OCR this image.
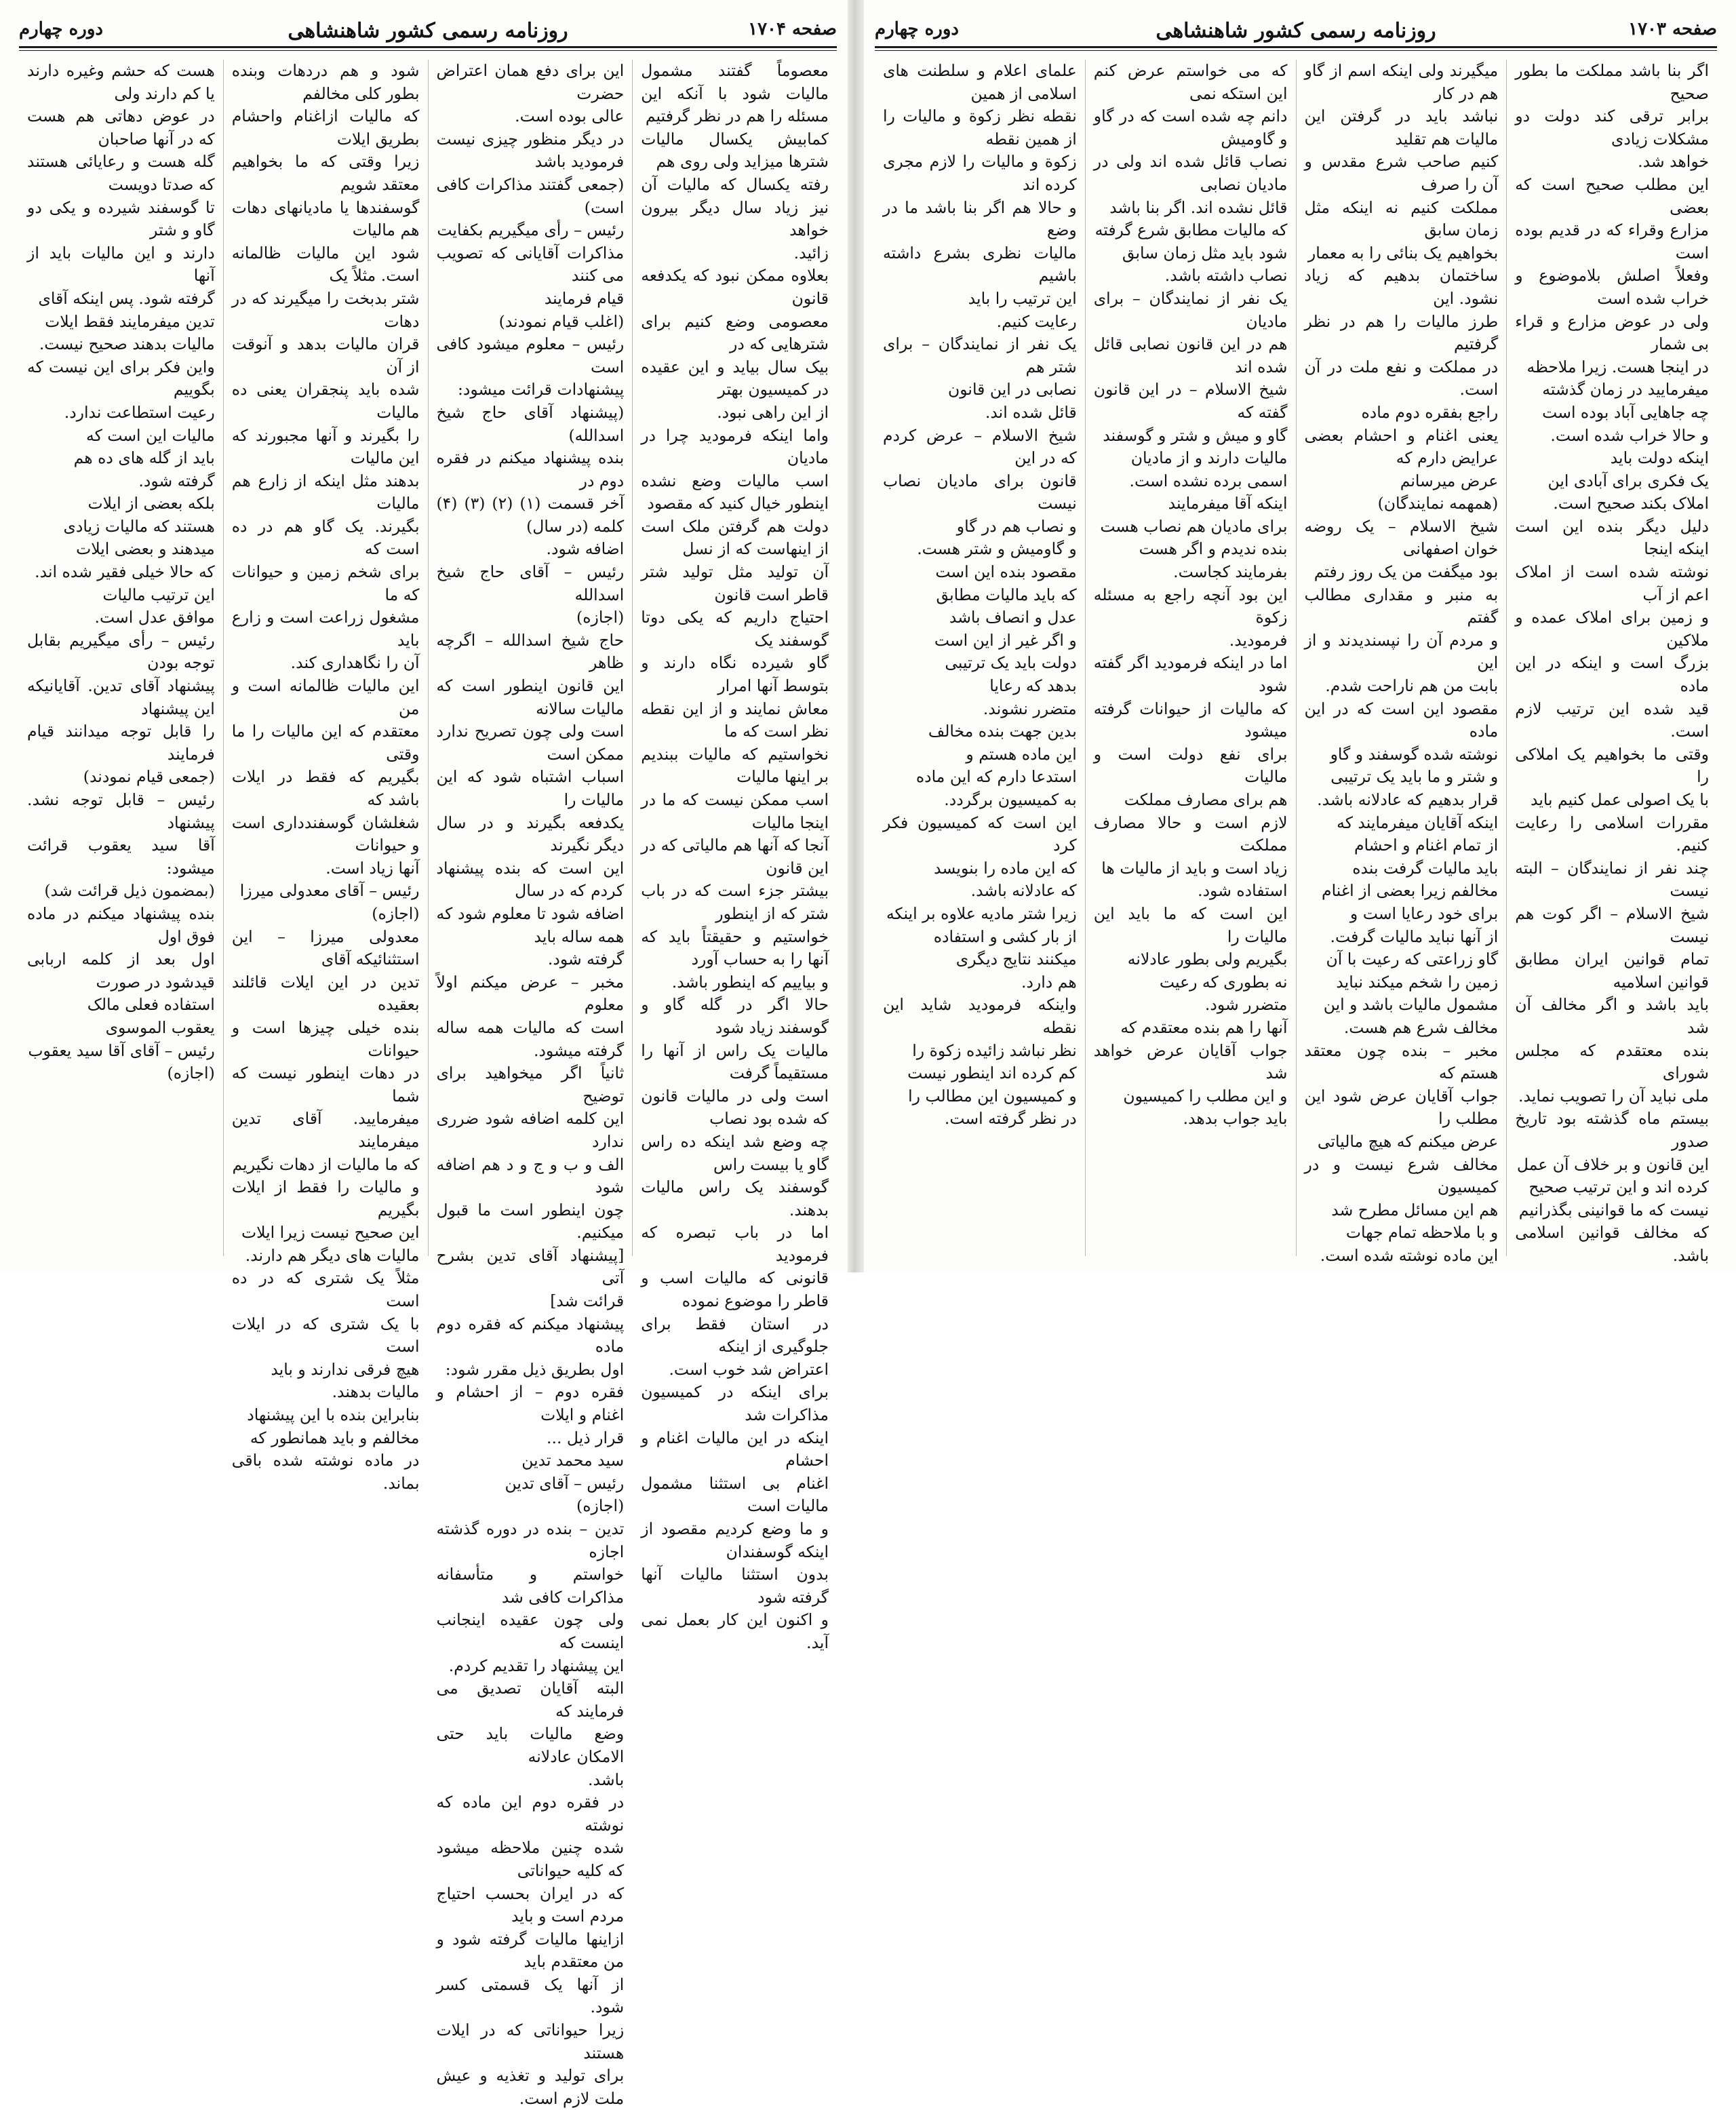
صفحه ۱۷۰۴
روزنامه رسمی کشور شاهنشاهی
دوره چهارم

معصوماً گفتند مشمول مالیات شود با آنکه این مسئله را هم در نظر گرفتیم
کمابیش یکسال مالیات شترها میزاید ولی روی هم
رفته یکسال که مالیات آن نیز زیاد سال دیگر بیرون خواهد
زائید.
بعلاوه ممکن نبود که یکدفعه قانون
معصومی وضع کنیم برای شترهایی که در
بیک سال بیاید و این عقیده در کمیسیون بهتر
از این راهی نبود.
واما اینکه فرمودید چرا در مادیان
اسب مالیات وضع نشده اینطور خیال کنید که مقصود
دولت هم گرفتن ملک است از اینهاست که از نسل
آن تولید مثل تولید شتر قاطر است قانون
احتیاج داریم که یکی دوتا گوسفند یک
گاو شیرده نگاه دارند و بتوسط آنها امرار
معاش نمایند و از این نقطه نظر است که ما
نخواستیم که مالیات ببندیم بر اینها مالیات
اسب ممکن نیست که ما در اینجا مالیات
آنجا که آنها هم مالیاتی که در این قانون
بیشتر جزء است که در باب شتر که از اینطور
خواستیم و حقیقتاً باید که آنها را به حساب آورد
و بیاییم که اینطور باشد.
حالا اگر در گله گاو و گوسفند زیاد شود
مالیات یک راس از آنها را مستقیماً گرفت
است ولی در مالیات قانون که شده بود نصاب
چه وضع شد اینکه ده راس گاو یا بیست راس
گوسفند یک راس مالیات بدهند.
اما در باب تبصره که فرمودید
قانونی که مالیات اسب و قاطر را موضوع نموده
در استان فقط برای جلوگیری از اینکه
اعتراض شد خوب است.
برای اینکه در کمیسیون مذاکرات شد
اینکه در این مالیات اغنام و احشام
اغنام بی استثنا مشمول مالیات است
و ما وضع کردیم مقصود از اینکه گوسفندان
بدون استثنا مالیات آنها گرفته شود
و اکنون این کار بعمل نمی آید.

این برای دفع همان اعتراض حضرت
عالی بوده است.
در دیگر منظور چیزی نیست فرمودید باشد
(جمعی گفتند مذاکرات کافی است)
رئیس – رأی میگیریم بکفایت
مذاکرات آقایانی که تصویب می کنند
قیام فرمایند
(اغلب قیام نمودند)
رئیس – معلوم میشود کافی است
پیشنهادات قرائت میشود:
(پیشنهاد آقای حاج شیخ اسدالله)
بنده پیشنهاد میکنم در فقره دوم در
آخر قسمت (۱) (۲) (۳) (۴) کلمه (در سال)
اضافه شود.
رئیس – آقای حاج شیخ اسدالله
(اجازه)
حاج شیخ اسدالله – اگرچه ظاهر
این قانون اینطور است که مالیات سالانه
است ولی چون تصریح ندارد ممکن است
اسباب اشتباه شود که این مالیات را
یکدفعه بگیرند و در سال دیگر نگیرند
این است که بنده پیشنهاد کردم که در سال
اضافه شود تا معلوم شود که همه ساله باید
گرفته شود.
مخبر – عرض میکنم اولاً معلوم
است که مالیات همه ساله گرفته میشود.
ثانیاً اگر میخواهید برای توضیح
این کلمه اضافه شود ضرری ندارد
الف و ب و ج و د هم اضافه شود
چون اینطور است ما قبول میکنیم.
[پیشنهاد آقای تدین بشرح آتی
قرائت شد]
پیشنهاد میکنم که فقره دوم ماده
اول بطریق ذیل مقرر شود:
فقره دوم – از احشام و اغنام و ایلات
قرار ذیل ...
سید محمد تدین
رئیس – آقای تدین
(اجازه)
تدین – بنده در دوره گذشته اجازه
خواستم و متأسفانه مذاکرات کافی شد
ولی چون عقیده اینجانب اینست که
این پیشنهاد را تقدیم کردم.
البته آقایان تصدیق می فرمایند که
وضع مالیات باید حتی الامکان عادلانه
باشد.
در فقره دوم این ماده که نوشته
شده چنین ملاحظه میشود که کلیه حیواناتی
که در ایران بحسب احتیاج مردم است و باید
ازاینها مالیات گرفته شود و من معتقدم باید
از آنها یک قسمتی کسر شود.
زیرا حیواناتی که در ایلات هستند
برای تولید و تغذیه و عیش ملت لازم است.

شود و هم دردهات وبنده بطور کلی مخالفم
که مالیات ازاغنام واحشام بطریق ایلات
زیرا وقتی که ما بخواهیم معتقد شویم
گوسفندها یا مادیانهای دهات هم مالیات
شود این مالیات ظالمانه است. مثلاً یک
شتر بدبخت را میگیرند که در دهات
قران مالیات بدهد و آنوقت از آن
شده باید پنجقران یعنی ده مالیات
را بگیرند و آنها مجبورند که این مالیات
بدهند مثل اینکه از زارع هم مالیات
بگیرند. یک گاو هم در ده است که
برای شخم زمین و حیوانات که ما
مشغول زراعت است و زارع باید
آن را نگاهداری کند.
این مالیات ظالمانه است و من
معتقدم که این مالیات را ما وقتی
بگیریم که فقط در ایلات باشد که
شغلشان گوسفندداری است و حیوانات
آنها زیاد است.
رئیس – آقای معدولی میرزا
(اجازه)
معدولی میرزا – این استثنائیکه آقای
تدین در این ایلات قائلند بعقیده
بنده خیلی چیزها است و حیوانات
در دهات اینطور نیست که شما
میفرمایید. آقای تدین میفرمایند
که ما مالیات از دهات نگیریم
و مالیات را فقط از ایلات بگیریم
این صحیح نیست زیرا ایلات
مالیات های دیگر هم دارند.
مثلاً یک شتری که در ده است
با یک شتری که در ایلات است
هیچ فرقی ندارند و باید
مالیات بدهند.
بنابراین بنده با این پیشنهاد
مخالفم و باید همانطور که
در ماده نوشته شده باقی بماند.

هست که حشم وغیره دارند یا کم دارند ولی
در عوض دهاتی هم هست که در آنها صاحبان
گله هست و رعایائی هستند که صدتا دویست
تا گوسفند شیرده و یکی دو گاو و شتر
دارند و این مالیات باید از آنها
گرفته شود. پس اینکه آقای
تدین میفرمایند فقط ایلات
مالیات بدهند صحیح نیست.
واین فکر برای این نیست که بگوییم
رعیت استطاعت ندارد.
مالیات این است که
باید از گله های ده هم
گرفته شود.
بلکه بعضی از ایلات
هستند که مالیات زیادی
میدهند و بعضی ایلات
که حالا خیلی فقیر شده اند.
این ترتیب مالیات
موافق عدل است.
رئیس – رأی میگیریم بقابل توجه بودن
پیشنهاد آقای تدین. آقایانیکه این پیشنهاد
را قابل توجه میدانند قیام فرمایند
(جمعی قیام نمودند)
رئیس – قابل توجه نشد. پیشنهاد
آقا سید یعقوب قرائت میشود:
(بمضمون ذیل قرائت شد)
بنده پیشنهاد میکنم در ماده فوق اول
اول بعد از کلمه اربابی قیدشود در صورت
استفاده فعلی مالک
یعقوب الموسوی
رئیس – آقای آقا سید یعقوب
(اجازه)

صفحه ۱۷۰۳
روزنامه رسمی کشور شاهنشاهی
دوره چهارم

اگر بنا باشد مملکت ما بطور صحیح
برابر ترقی کند دولت دو مشکلات زیادی
خواهد شد.
این مطلب صحیح است که بعضی
مزارع وقراء که در قدیم بوده است
وفعلاً اصلش بلاموضوع و خراب شده است
ولی در عوض مزارع و قراء بی شمار
در اینجا هست. زیرا ملاحظه
میفرمایید در زمان گذشته
چه جاهایی آباد بوده است
و حالا خراب شده است.
اینکه دولت باید
یک فکری برای آبادی این
املاک بکند صحیح است.
دلیل دیگر بنده این است اینکه اینجا
نوشته شده است از املاک اعم از آب
و زمین برای املاک عمده و ملاکین
بزرگ است و اینکه در این ماده
قید شده این ترتیب لازم است.
وقتی ما بخواهیم یک املاکی را
با یک اصولی عمل کنیم باید
مقررات اسلامی را رعایت کنیم.
چند نفر از نمایندگان – البته نیست
شیخ الاسلام – اگر کوت هم نیست
تمام قوانین ایران مطابق قوانین اسلامیه
باید باشد و اگر مخالف آن شد
بنده معتقدم که مجلس شورای
ملی نباید آن را تصویب نماید.
بیستم ماه گذشته بود تاریخ صدور
این قانون و بر خلاف آن عمل
کرده اند و این ترتیب صحیح
نیست که ما قوانینی بگذرانیم
که مخالف قوانین اسلامی باشد.

میگیرند ولی اینکه اسم از گاو هم در کار
نباشد باید در گرفتن این مالیات هم تقلید
کنیم صاحب شرع مقدس و آن را صرف
مملکت کنیم نه اینکه مثل زمان سابق
بخواهیم یک بنائی را به معمار
ساختمان بدهیم که زیاد نشود. این
طرز مالیات را هم در نظر گرفتیم
در مملکت و نفع ملت در آن است.
راجع بفقره دوم ماده
یعنی اغنام و احشام بعضی عرایض دارم که
عرض میرسانم
(همهمه نمایندگان)
شیخ الاسلام – یک روضه خوان اصفهانی
بود میگفت من یک روز رفتم
به منبر و مقداری مطالب گفتم
و مردم آن را نپسندیدند و از این
بابت من هم ناراحت شدم.
مقصود این است که در این ماده
نوشته شده گوسفند و گاو
و شتر و ما باید یک ترتیبی
قرار بدهیم که عادلانه باشد.
اینکه آقایان میفرمایند که
از تمام اغنام و احشام
باید مالیات گرفت بنده
مخالفم زیرا بعضی از اغنام
برای خود رعایا است و
از آنها نباید مالیات گرفت.
گاو زراعتی که رعیت با آن
زمین را شخم میکند نباید
مشمول مالیات باشد و این
مخالف شرع هم هست.
مخبر – بنده چون معتقد هستم که
جواب آقایان عرض شود این مطلب را
عرض میکنم که هیچ مالیاتی
مخالف شرع نیست و در کمیسیون
هم این مسائل مطرح شد
و با ملاحظه تمام جهات
این ماده نوشته شده است.

که می خواستم عرض کنم این استکه نمی
دانم چه شده است که در گاو و گاومیش
نصاب قائل شده اند ولی در مادیان نصابی
قائل نشده اند. اگر بنا باشد
که مالیات مطابق شرع گرفته
شود باید مثل زمان سابق
نصاب داشته باشد.
یک نفر از نمایندگان – برای مادیان
هم در این قانون نصابی قائل شده اند
شیخ الاسلام – در این قانون گفته که
گاو و میش و شتر و گوسفند
مالیات دارند و از مادیان
اسمی برده نشده است.
اینکه آقا میفرمایند
برای مادیان هم نصاب هست
بنده ندیدم و اگر هست
بفرمایند کجاست.
این بود آنچه راجع به مسئله زکوة
فرمودید.
اما در اینکه فرمودید اگر گفته شود
که مالیات از حیوانات گرفته میشود
برای نفع دولت است و مالیات
هم برای مصارف مملکت
لازم است و حالا مصارف مملکت
زیاد است و باید از مالیات ها
استفاده شود.
این است که ما باید این مالیات را
بگیریم ولی بطور عادلانه
نه بطوری که رعیت
متضرر شود.
آنها را هم بنده معتقدم که
جواب آقایان عرض خواهد شد
و این مطلب را کمیسیون
باید جواب بدهد.

علمای اعلام و سلطنت های اسلامی از همین
نقطه نظر زکوة و مالیات را از همین نقطه
زکوة و مالیات را لازم مجری کرده اند
و حالا هم اگر بنا باشد ما در وضع
مالیات نظری بشرع داشته باشیم
این ترتیب را باید
رعایت کنیم.
یک نفر از نمایندگان – برای شتر هم
نصابی در این قانون
قائل شده اند.
شیخ الاسلام – عرض کردم که در این
قانون برای مادیان نصاب نیست
و نصاب هم در گاو
و گاومیش و شتر هست.
مقصود بنده این است
که باید مالیات مطابق
عدل و انصاف باشد
و اگر غیر از این است
دولت باید یک ترتیبی
بدهد که رعایا
متضرر نشوند.
بدین جهت بنده مخالف
این ماده هستم و
استدعا دارم که این ماده
به کمیسیون برگردد.
این است که کمیسیون فکر کرد
که این ماده را بنویسد
که عادلانه باشد.
زیرا شتر مادیه علاوه بر اینکه
از بار کشی و استفاده
میکنند نتایج دیگری
هم دارد.
واینکه فرمودید شاید این نقطه
نظر نباشد زائیده زکوة را
کم کرده اند اینطور نیست
و کمیسیون این مطالب را
در نظر گرفته است.
